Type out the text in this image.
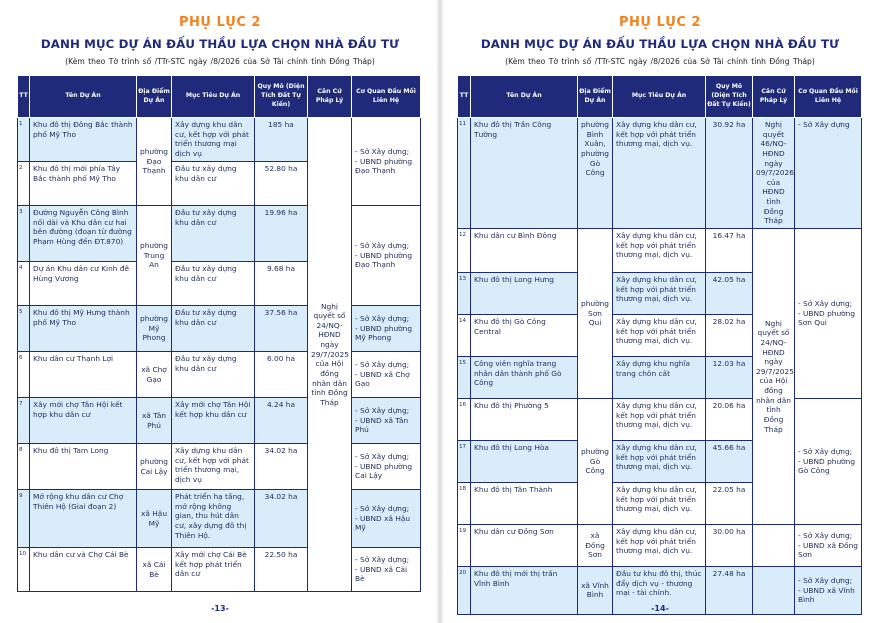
PHỤ LỤC 2
DANH MỤC DỰ ÁN ĐẤU THẦU LỰA CHỌN NHÀ ĐẦU TƯ
(Kèm theo Tờ trình số /TTr-STC ngày /8/2026 của Sở Tài chính tỉnh Đồng Tháp)
TT	Tên Dự Án	Địa Điểm Dự Án	Mục Tiêu Dự Án	Quy Mô (Diện Tích Đất Tự Kiến)	Căn Cứ Pháp Lý	Cơ Quan Đầu Mối Liên Hệ
1	Khu đô thị Đông Bắc thành phố Mỹ Tho	phường Đạo Thạnh	Xây dựng khu dân cư, kết hợp với phát triển thương mại dịch vụ	185 ha	Nghị quyết số 24/NQ-HĐND ngày 29/7/2025 của Hội đồng nhân dân tỉnh Đồng Tháp	- Sở Xây dựng;
- UBND phường Đạo Thạnh
2	Khu đô thị mới phía Tây Bắc thành phố Mỹ Tho		Đầu tư xây dựng khu dân cư	52.80 ha		
3	Đường Nguyễn Công Bình nối dài và Khu dân cư hai bên đường (đoạn từ đường Phạm Hùng đến ĐT.870)	phường Trung An	Đầu tư xây dựng khu dân cư	19.96 ha		- Sở Xây dựng;
- UBND phường Đạo Thạnh
4	Dự án Khu dân cư Kinh đê Hùng Vương		Đầu tư xây dựng khu dân cư	9.68 ha		
5	Khu đô thị Mỹ Hưng thành phố Mỹ Tho	phường Mỹ Phong	Đầu tư xây dựng khu dân cư	37.56 ha		- Sở Xây dựng;
- UBND phường Mỹ Phong
6	Khu dân cư Thạnh Lợi	xã Chợ Gạo	Đầu tư xây dựng khu dân cư	6.00 ha		- Sở Xây dựng;
- UBND xã Chợ Gạo
7	Xây mới chợ Tân Hội kết hợp khu dân cư	xã Tân Phú	Xây mới chợ Tân Hội kết hợp khu dân cư	4.24 ha		- Sở Xây dựng;
- UBND xã Tân Phú
8	Khu đô thị Tam Long	phường Cai Lậy	Xây dựng khu dân cư, kết hợp với phát triển thương mại, dịch vụ	34.02 ha		- Sở Xây dựng;
- UBND phường Cai Lậy
9	Mở rộng khu dân cư Chợ Thiên Hộ (Giai đoạn 2)	xã Hậu Mỹ	Phát triển hạ tầng, mở rộng không gian, thu hút dân cư, xây dựng đô thị Thiên Hộ.	34.02 ha		- Sở Xây dựng;
- UBND xã Hậu Mỹ
10	Khu dân cư và Chợ Cái Bè	xã Cái Bè	Xây mới chợ Cái Bè kết hợp phát triển dân cư	22.50 ha		- Sở Xây dựng;
- UBND xã Cái Bè
-13-
PHỤ LỤC 2
DANH MỤC DỰ ÁN ĐẤU THẦU LỰA CHỌN NHÀ ĐẦU TƯ
(Kèm theo Tờ trình số /TTr-STC ngày /8/2026 của Sở Tài chính tỉnh Đồng Tháp)
TT	Tên Dự Án	Địa Điểm Dự Án	Mục Tiêu Dự Án	Quy Mô (Diện Tích Đất Tự Kiến)	Căn Cứ Pháp Lý	Cơ Quan Đầu Mối Liên Hệ
11	Khu đô thị Trần Công Tường	phường Bình Xuân, phường Gò Công	Xây dựng khu dân cư, kết hợp với phát triển thương mại, dịch vụ.	30.92 ha	Nghị quyết 46/NQ-HĐND ngày 09/7/2026 của HĐND tỉnh Đồng Tháp	- Sở Xây dựng
12	Khu dân cư Bình Đông	phường Sơn Qui	Xây dựng khu dân cư, kết hợp với phát triển thương mại, dịch vụ.	16.47 ha	Nghị quyết số 24/NQ-HĐND ngày 29/7/2025 của Hội đồng nhân dân tỉnh Đồng Tháp	- Sở Xây dựng;
- UBND phường Sơn Qui
13	Khu đô thị Long Hưng		Xây dựng khu dân cư, kết hợp với phát triển thương mại, dịch vụ.	42.05 ha		
14	Khu đô thị Gò Công Central		Xây dựng khu dân cư, kết hợp với phát triển thương mại, dịch vụ.	28.02 ha		
15	Công viên nghĩa trang nhân dân thành phố Gò Công		Xây dựng khu nghĩa trang chôn cất	12.03 ha		
16	Khu đô thị Phường 5	phường Gò Công	Xây dựng khu dân cư, kết hợp với phát triển thương mại, dịch vụ.	20.06 ha		- Sở Xây dựng;
- UBND phường Gò Công
17	Khu đô thị Long Hòa		Xây dựng khu dân cư, kết hợp với phát triển thương mại, dịch vụ.	45.66 ha		
18	Khu đô thị Tân Thành		Xây dựng khu dân cư, kết hợp với phát triển thương mại, dịch vụ.	22.05 ha		
19	Khu dân cư Đồng Sơn	xã Đồng Sơn	Xây dựng khu dân cư, kết hợp với phát triển thương mại, dịch vụ.	30.00 ha		- Sở Xây dựng;
- UBND xã Đồng Sơn
20	Khu đô thị mới thị trấn Vĩnh Bình	xã Vĩnh Bình	Đầu tư khu đô thị, thúc đẩy dịch vụ - thương mại - tài chính.	27.48 ha		- Sở Xây dựng;
- UBND xã Vĩnh Bình
-14-
